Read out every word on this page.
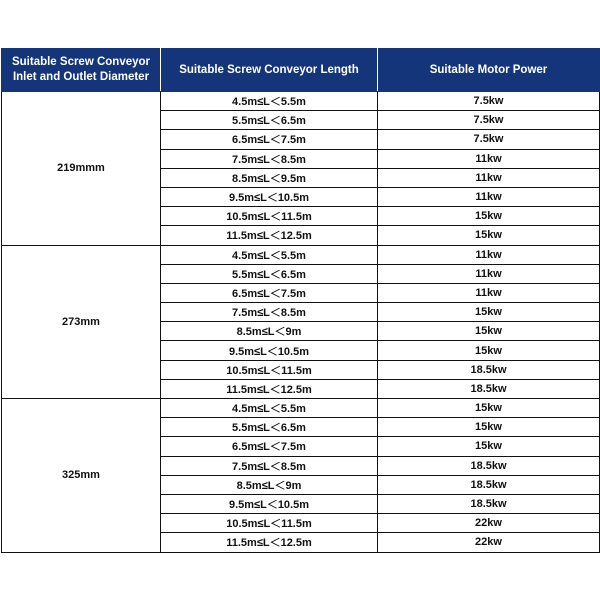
Suitable Screw Conveyor Inlet and Outlet Diameter	Suitable Screw Conveyor Length	Suitable Motor Power
219mmm	4.5m≤L＜5.5m	7.5kw
	5.5m≤L＜6.5m	7.5kw
	6.5m≤L＜7.5m	7.5kw
	7.5m≤L＜8.5m	11kw
	8.5m≤L＜9.5m	11kw
	9.5m≤L＜10.5m	11kw
	10.5m≤L＜11.5m	15kw
	11.5m≤L＜12.5m	15kw
273mm	4.5m≤L＜5.5m	11kw
	5.5m≤L＜6.5m	11kw
	6.5m≤L＜7.5m	11kw
	7.5m≤L＜8.5m	15kw
	8.5m≤L＜9m	15kw
	9.5m≤L＜10.5m	15kw
	10.5m≤L＜11.5m	18.5kw
	11.5m≤L＜12.5m	18.5kw
325mm	4.5m≤L＜5.5m	15kw
	5.5m≤L＜6.5m	15kw
	6.5m≤L＜7.5m	15kw
	7.5m≤L＜8.5m	18.5kw
	8.5m≤L＜9m	18.5kw
	9.5m≤L＜10.5m	18.5kw
	10.5m≤L＜11.5m	22kw
	11.5m≤L＜12.5m	22kw
